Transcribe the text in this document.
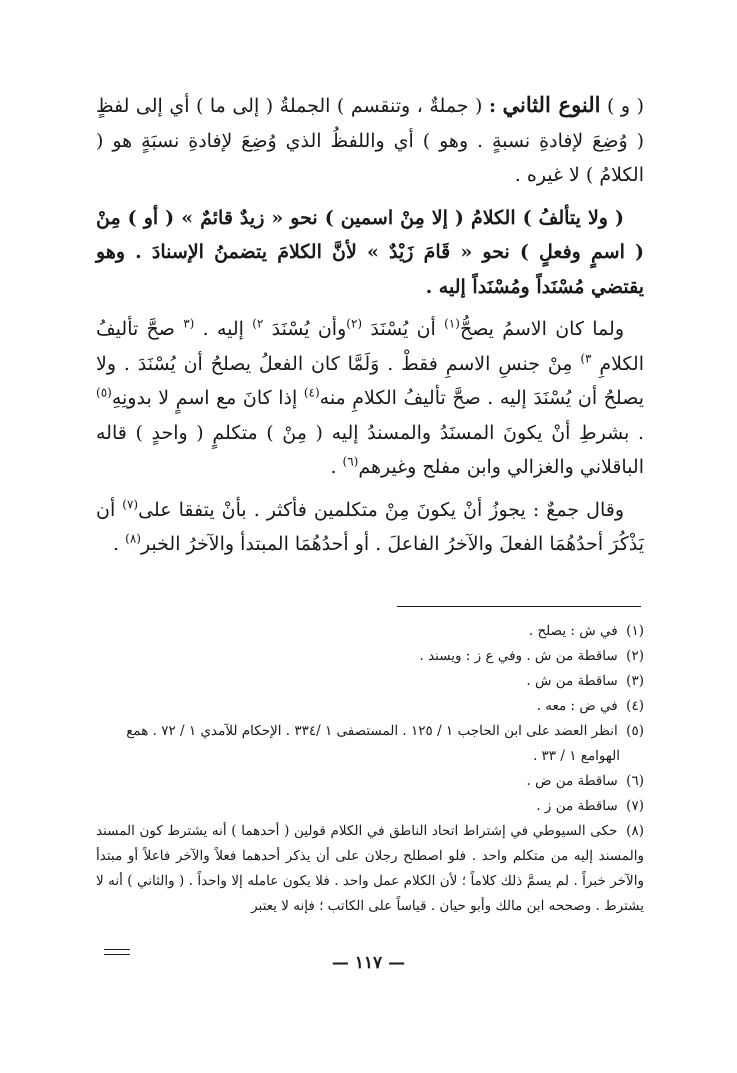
( و ) النوع الثاني : ( جملةٌ ، وتنقسم ) الجملةُ ( إلى ما ) أي إلى لفظٍ ( وُضِعَ لإفادةِ نسبةٍ . وهو ) أي واللفظُ الذي وُضِعَ لإفادةِ نسبَةٍ هو ( الكلامُ ) لا غيره .

( ولا يتألفُ ) الكلامُ ( إلا مِنْ اسمين ) نحو « زيدٌ قائمٌ » ( أو ) مِنْ ( اسمٍ وفعلٍ ) نحو « قَامَ زَيْدٌ » لأنَّ الكلامَ يتضمنُ الإسنادَ . وهو يقتضي مُسْنَداً ومُسْنَداً إليه .

ولما كان الاسمُ يصحُّ$^{(١)}$ أن يُسْنَدَ $^{(٢)}$وأن يُسْنَدَ $^{٢)}$ إليه . $^{(٣}$ صحَّ تأليفُ الكلامِ $^{٣)}$ مِنْ جنسِ الاسمِ فقطْ . وَلَمَّا كان الفعلُ يصلحُ أن يُسْنَدَ . ولا يصلحُ أن يُسْنَدَ إليه . صحَّ تأليفُ الكلامِ منه$^{(٤)}$ إذا كانَ مع اسمٍ لا بدونِهِ$^{(٥)}$ . بشرطِ أنْ يكونَ المسنَدُ والمسندُ إليه ( مِنْ ) متكلمٍ ( واحدٍ ) قاله الباقلاني والغزالي وابن مفلح وغيرهم$^{(٦)}$ .

وقال جمعٌ : يجوزُ أنْ يكونَ مِنْ متكلمين فأكثر . بأنْ يتفقا على$^{(٧)}$ أن يَذْكُرَ أحدُهُمَا الفعلَ والآخرُ الفاعلَ . أو أحدُهُمَا المبتدأ والآخرُ الخبر$^{(٨)}$ .

(١) في ش : يصلح .

(٢) ساقطة من ش . وفي ع ز : ويسند .

(٣) ساقطة من ش .

(٤) في ض : معه .

(٥) انظر العضد على ابن الحاجب ١ / ١٢٥ . المستصفى ١ /٣٣٤ . الإحكام للآمدي ١ / ٧٢ . همع

الهوامع ١ / ٣٣ .

(٦) ساقطة من ض .

(٧) ساقطة من ز .

(٨) حكى السيوطي في إشتراط اتحاد الناطق في الكلام قولين ( أحدهما ) أنه يشترط كون المسند والمسند إليه من متكلم واحد . فلو اصطلح رجلان على أن يذكر أحدهما فعلاً والآخر فاعلاً أو مبتدأ والآخر خبراً . لم يسمَّ ذلك كلاماً ؛ لأن الكلام عمل واحد . فلا يكون عامله إلا واحداً . ( والثاني ) أنه لا يشترط . وصححه ابن مالك وأبو حيان . قياساً على الكاتب ؛ فإنه لا يعتبر

— ١١٧ —
